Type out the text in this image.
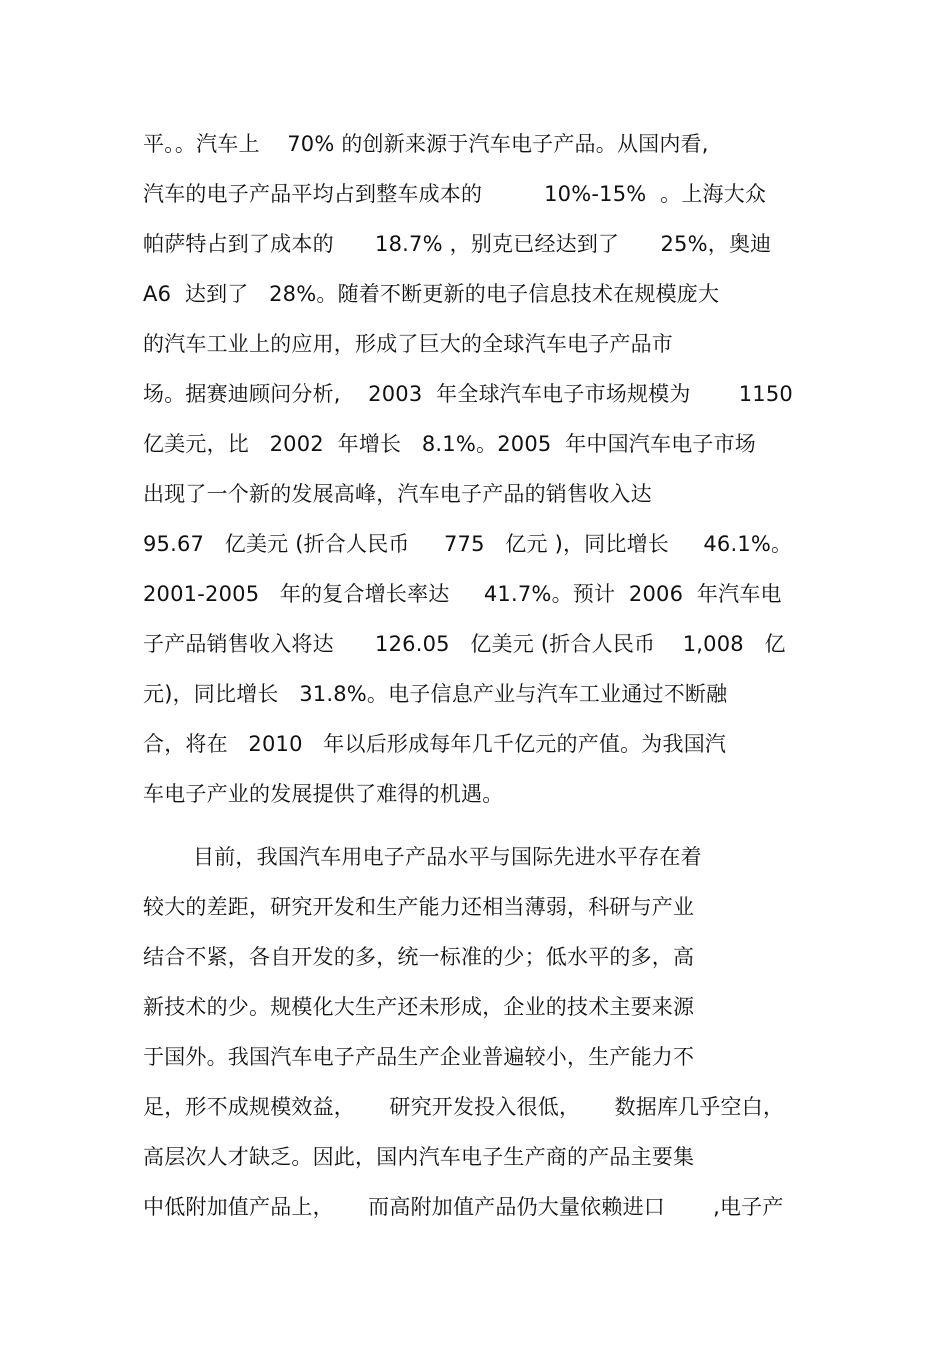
平。。汽车上    70% 的创新来源于汽车电子产品。从国内看,
汽车的电子产品平均占到整车成本的         10%-15%  。上海大众
帕萨特占到了成本的      18.7% ，别克已经达到了      25%，奥迪
A6  达到了   28%。随着不断更新的电子信息技术在规模庞大
的汽车工业上的应用，形成了巨大的全球汽车电子产品市
场。据赛迪顾问分析,    2003  年全球汽车电子市场规模为       1150
亿美元，比   2002  年增长   8.1%。2005  年中国汽车电子市场
出现了一个新的发展高峰，汽车电子产品的销售收入达
95.67   亿美元 (折合人民币     775   亿元 )，同比增长     46.1%。
2001-2005   年的复合增长率达     41.7%。预计  2006  年汽车电
子产品销售收入将达      126.05   亿美元 (折合人民币    1,008   亿
元)，同比增长   31.8%。电子信息产业与汽车工业通过不断融
合，将在   2010   年以后形成每年几千亿元的产值。为我国汽
车电子产业的发展提供了难得的机遇。
目前，我国汽车用电子产品水平与国际先进水平存在着
较大的差距，研究开发和生产能力还相当薄弱，科研与产业
结合不紧，各自开发的多，统一标准的少；低水平的多，高
新技术的少。规模化大生产还未形成，企业的技术主要来源
于国外。我国汽车电子产品生产企业普遍较小，生产能力不
足，形不成规模效益，     研究开发投入很低，     数据库几乎空白，
高层次人才缺乏。因此，国内汽车电子生产商的产品主要集
中低附加值产品上，     而高附加值产品仍大量依赖进口       ,电子产
